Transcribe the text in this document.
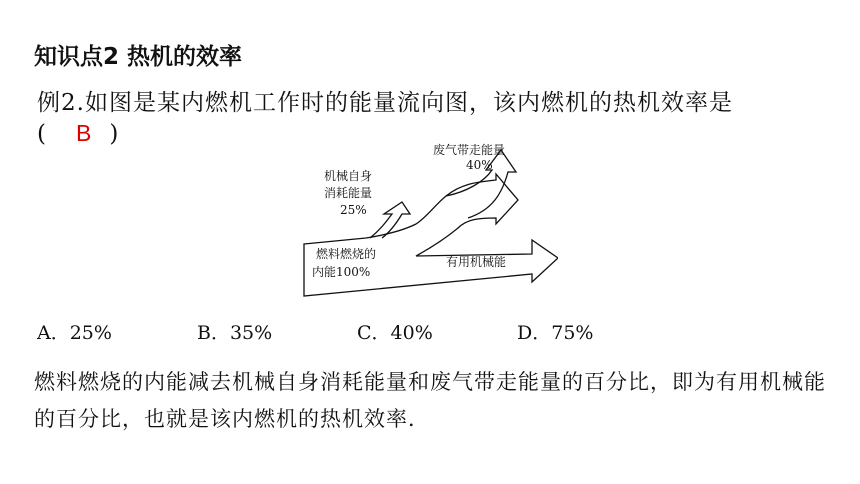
知识点2 热机的效率
例2.如图是某内燃机工作时的能量流向图，该内燃机的热机效率是
( B )
废气带走能量
40%
机械自身
消耗能量
25%
燃料燃烧的
内能100%
有用机械能
A．25%	B．35%	C．40%	D．75%
燃料燃烧的内能减去机械自身消耗能量和废气带走能量的百分比，即为有用机械能的百分比，也就是该内燃机的热机效率．
